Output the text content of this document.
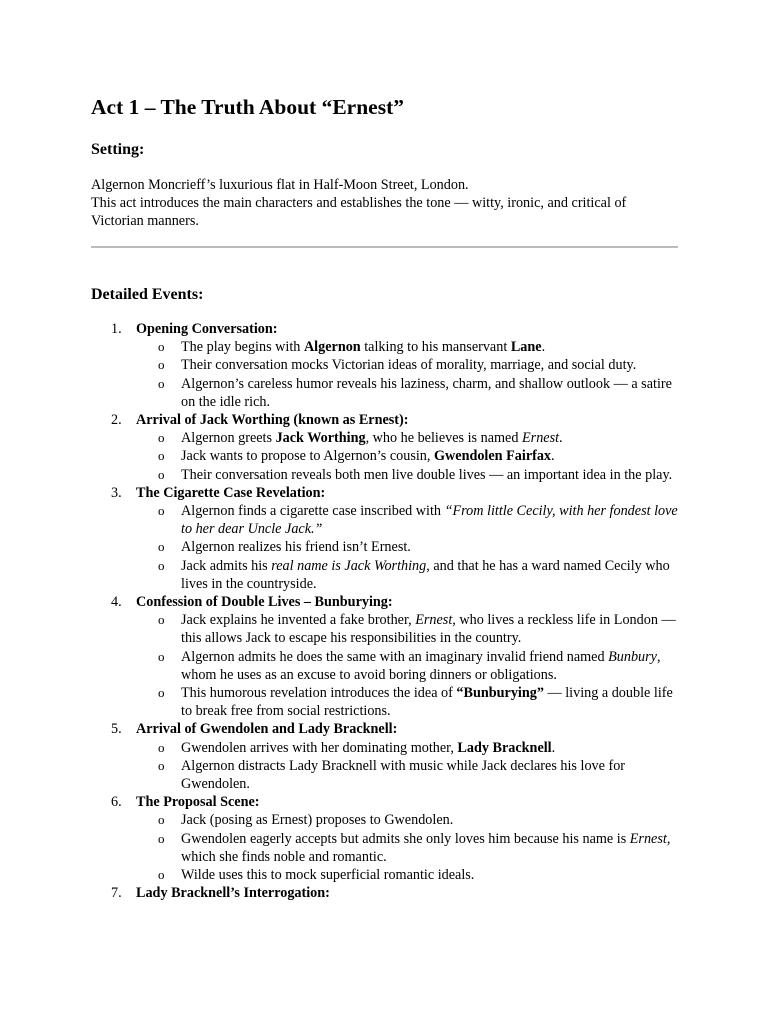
Act 1 – The Truth About “Ernest”
Setting:

Algernon Moncrieff’s luxurious flat in Half-Moon Street, London.

This act introduces the main characters and establishes the tone — witty, ironic, and critical of Victorian manners.

Detailed Events:
1.	Opening Conversation:
o The play begins with Algernon talking to his manservant Lane.
o Their conversation mocks Victorian ideas of morality, marriage, and social duty.
o Algernon’s careless humor reveals his laziness, charm, and shallow outlook — a satire on the idle rich.
2.	Arrival of Jack Worthing (known as Ernest):
o Algernon greets Jack Worthing, who he believes is named Ernest.
o Jack wants to propose to Algernon’s cousin, Gwendolen Fairfax.
o Their conversation reveals both men live double lives — an important idea in the play.
3.	The Cigarette Case Revelation:
o Algernon finds a cigarette case inscribed with “From little Cecily, with her fondest love to her dear Uncle Jack.”
o Algernon realizes his friend isn’t Ernest.
o Jack admits his real name is Jack Worthing, and that he has a ward named Cecily who lives in the countryside.
4.	Confession of Double Lives – Bunburying:
o Jack explains he invented a fake brother, Ernest, who lives a reckless life in London — this allows Jack to escape his responsibilities in the country.
o Algernon admits he does the same with an imaginary invalid friend named Bunbury, whom he uses as an excuse to avoid boring dinners or obligations.
o This humorous revelation introduces the idea of “Bunburying” — living a double life to break free from social restrictions.
5.	Arrival of Gwendolen and Lady Bracknell:
o Gwendolen arrives with her dominating mother, Lady Bracknell.
o Algernon distracts Lady Bracknell with music while Jack declares his love for Gwendolen.
6.	The Proposal Scene:
o Jack (posing as Ernest) proposes to Gwendolen.
o Gwendolen eagerly accepts but admits she only loves him because his name is Ernest, which she finds noble and romantic.
o Wilde uses this to mock superficial romantic ideals.
7.	Lady Bracknell’s Interrogation:
